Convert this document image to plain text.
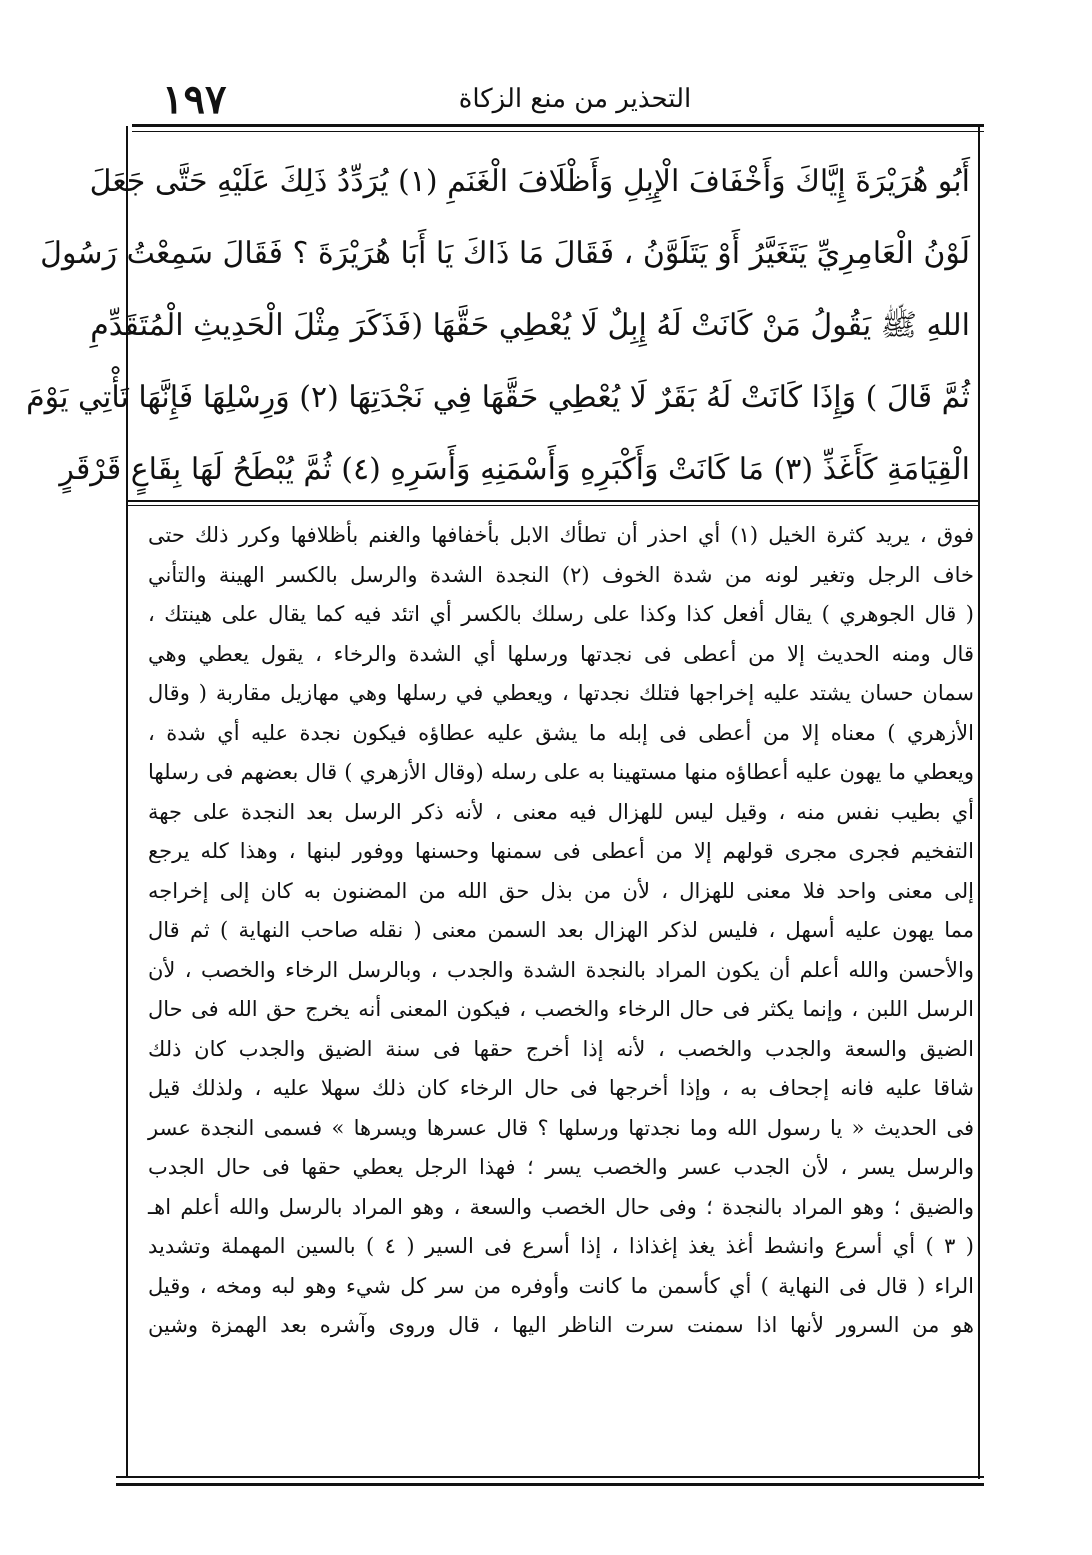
١٩٧	التحذير من منع الزكاة
أَبُو هُرَيْرَةَ إِيَّاكَ وَأَخْفَافَ الْإِبِلِ وَأَظْلَافَ الْغَنَمِ (١) يُرَدِّدُ ذَلِكَ عَلَيْهِ حَتَّى جَعَلَ
لَوْنُ الْعَامِرِيِّ يَتَغَيَّرُ أَوْ يَتَلَوَّنُ ، فَقَالَ مَا ذَاكَ يَا أَبَا هُرَيْرَةَ ؟ فَقَالَ سَمِعْتُ رَسُولَ
اللهِ ﷺ يَقُولُ مَنْ كَانَتْ لَهُ إِبِلٌ لَا يُعْطِي حَقَّهَا (فَذَكَرَ مِثْلَ الْحَدِيثِ الْمُتَقَدِّمِ
ثُمَّ قَالَ ) وَإِذَا كَانَتْ لَهُ بَقَرٌ لَا يُعْطِي حَقَّهَا فِي نَجْدَتِهَا (٢) وَرِسْلِهَا فَإِنَّهَا تَأْتِي يَوْمَ
الْقِيَامَةِ كَأَغَذِّ (٣) مَا كَانَتْ وَأَكْبَرِهِ وَأَسْمَنِهِ وَأَسَرِهِ (٤) ثُمَّ يُبْطَحُ لَهَا بِقَاعٍ قَرْقَرٍ
فوق ، يريد كثرة الخيل (١) أي احذر أن تطأك الابل بأخفافها والغنم بأظلافها وكرر ذلك حتى
خاف الرجل وتغير لونه من شدة الخوف (٢) النجدة الشدة والرسل بالكسر الهينة والتأني
( قال الجوهري ) يقال أفعل كذا وكذا على رسلك بالكسر أي اتئد فيه كما يقال على هينتك ،
قال ومنه الحديث إلا من أعطى فى نجدتها ورسلها أي الشدة والرخاء ، يقول يعطي وهي
سمان حسان يشتد عليه إخراجها فتلك نجدتها ، ويعطي في رسلها وهي مهازيل مقاربة ( وقال
الأزهري ) معناه إلا من أعطى فى إبله ما يشق عليه عطاؤه فيكون نجدة عليه أي شدة ،
ويعطي ما يهون عليه أعطاؤه منها مستهينا به على رسله (وقال الأزهري ) قال بعضهم فى رسلها
أي بطيب نفس منه ، وقيل ليس للهزال فيه معنى ، لأنه ذكر الرسل بعد النجدة على جهة
التفخيم فجرى مجرى قولهم إلا من أعطى فى سمنها وحسنها ووفور لبنها ، وهذا كله يرجع
إلى معنى واحد فلا معنى للهزال ، لأن من بذل حق الله من المضنون به كان إلى إخراجه
مما يهون عليه أسهل ، فليس لذكر الهزال بعد السمن معنى ( نقله صاحب النهاية ) ثم قال
والأحسن والله أعلم أن يكون المراد بالنجدة الشدة والجدب ، وبالرسل الرخاء والخصب ، لأن
الرسل اللبن ، وإنما يكثر فى حال الرخاء والخصب ، فيكون المعنى أنه يخرج حق الله فى حال
الضيق والسعة والجدب والخصب ، لأنه إذا أخرج حقها فى سنة الضيق والجدب كان ذلك
شاقا عليه فانه إجحاف به ، وإذا أخرجها فى حال الرخاء كان ذلك سهلا عليه ، ولذلك قيل
فى الحديث « يا رسول الله وما نجدتها ورسلها ؟ قال عسرها ويسرها » فسمى النجدة عسر
والرسل يسر ، لأن الجدب عسر والخصب يسر ؛ فهذا الرجل يعطي حقها فى حال الجدب
والضيق ؛ وهو المراد بالنجدة ؛ وفى حال الخصب والسعة ، وهو المراد بالرسل والله أعلم اهـ
( ٣ ) أي أسرع وانشط أغذ يغذ إغذاذا ، إذا أسرع فى السير ( ٤ ) بالسين المهملة وتشديد
الراء ( قال فى النهاية ) أي كأسمن ما كانت وأوفره من سر كل شيء وهو لبه ومخه ، وقيل
هو من السرور لأنها اذا سمنت سرت الناظر اليها ، قال وروى وآشره بعد الهمزة وشين
